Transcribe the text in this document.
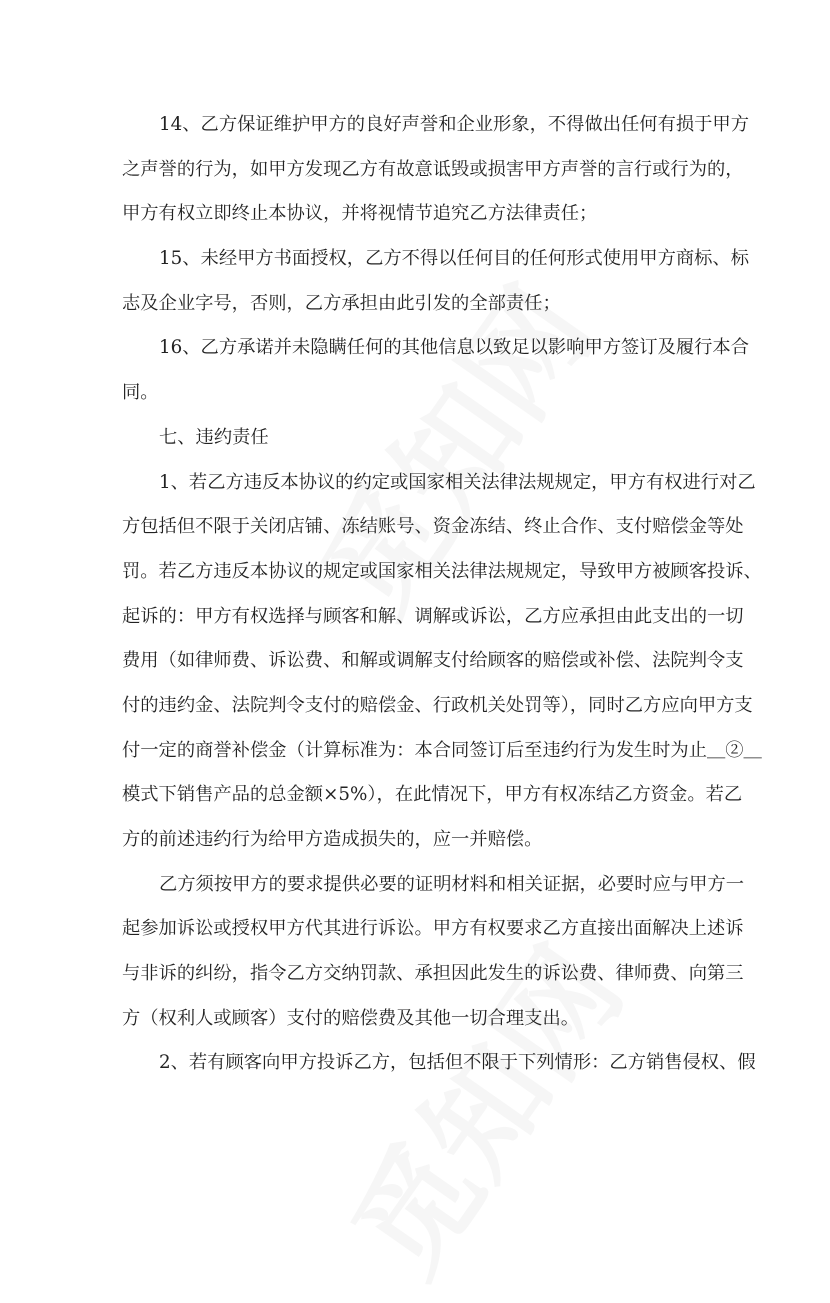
14、乙方保证维护甲方的良好声誉和企业形象，不得做出任何有损于甲方
之声誉的行为，如甲方发现乙方有故意诋毁或损害甲方声誉的言行或行为的，
甲方有权立即终止本协议，并将视情节追究乙方法律责任；
15、未经甲方书面授权，乙方不得以任何目的任何形式使用甲方商标、标
志及企业字号，否则，乙方承担由此引发的全部责任；
16、乙方承诺并未隐瞒任何的其他信息以致足以影响甲方签订及履行本合
同。
七、违约责任
1、若乙方违反本协议的约定或国家相关法律法规规定，甲方有权进行对乙
方包括但不限于关闭店铺、冻结账号、资金冻结、终止合作、支付赔偿金等处
罚。若乙方违反本协议的规定或国家相关法律法规规定，导致甲方被顾客投诉、
起诉的：甲方有权选择与顾客和解、调解或诉讼，乙方应承担由此支出的一切
费用（如律师费、诉讼费、和解或调解支付给顾客的赔偿或补偿、法院判令支
付的违约金、法院判令支付的赔偿金、行政机关处罚等），同时乙方应向甲方支
付一定的商誉补偿金（计算标准为：本合同签订后至违约行为发生时为止＿②＿
模式下销售产品的总金额×5%），在此情况下，甲方有权冻结乙方资金。若乙
方的前述违约行为给甲方造成损失的，应一并赔偿。
乙方须按甲方的要求提供必要的证明材料和相关证据，必要时应与甲方一
起参加诉讼或授权甲方代其进行诉讼。甲方有权要求乙方直接出面解决上述诉
与非诉的纠纷，指令乙方交纳罚款、承担因此发生的诉讼费、律师费、向第三
方（权利人或顾客）支付的赔偿费及其他一切合理支出。
2、若有顾客向甲方投诉乙方，包括但不限于下列情形：乙方销售侵权、假
